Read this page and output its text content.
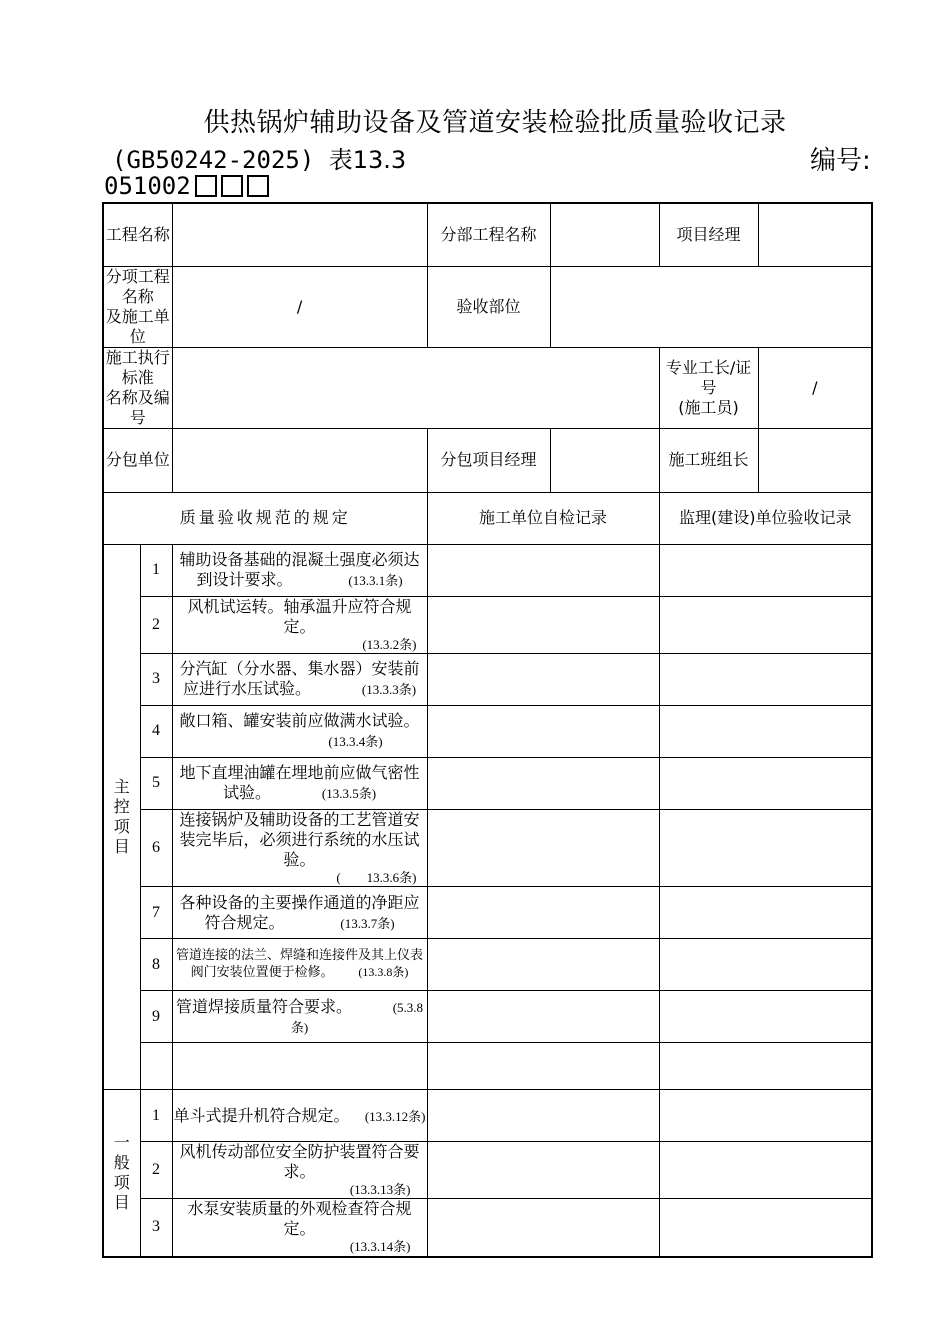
供热锅炉辅助设备及管道安装检验批质量验收记录
(GB50242-2025) 表13.3	编号:
051002
工程名称			分部工程名称		项目经理	
分项工程名称
及施工单位		/	验收部位			
施工执行标准
名称及编号					专业工长/证号
(施工员)	/
分包单位			分包项目经理		施工班组长	
质量验收规范的规定			施工单位自检记录		监理(建设)单位验收记录	
主
控
项
目	1	辅助设备基础的混凝土强度必须达到设计要求。 (13.3.1条)				
	2	风机试运转。轴承温升应符合规定。
(13.3.2条)				

	3	分汽缸（分水器、集水器）安装前应进行水压试验。 (13.3.3条)				
	4	敞口箱、罐安装前应做满水试验。
(13.3.4条)				
	5	地下直埋油罐在埋地前应做气密性试验。 (13.3.5条)				
	6	连接锅炉及辅助设备的工艺管道安装完毕后，必须进行系统的水压试验。
(　　13.3.6条)				

	7	各种设备的主要操作通道的净距应符合规定。 (13.3.7条)				
	8	管道连接的法兰、焊缝和连接件及其上仪表阀门安装位置便于检修。 (13.3.8条)				
	9	管道焊接质量符合要求。 (5.3.8条)				

一
般
项
目	1	单斗式提升机符合规定。 (13.3.12条)				
	2	风机传动部位安全防护装置符合要求。
(13.3.13条)				

	3	水泵安装质量的外观检查符合规定。
(13.3.14条)				
